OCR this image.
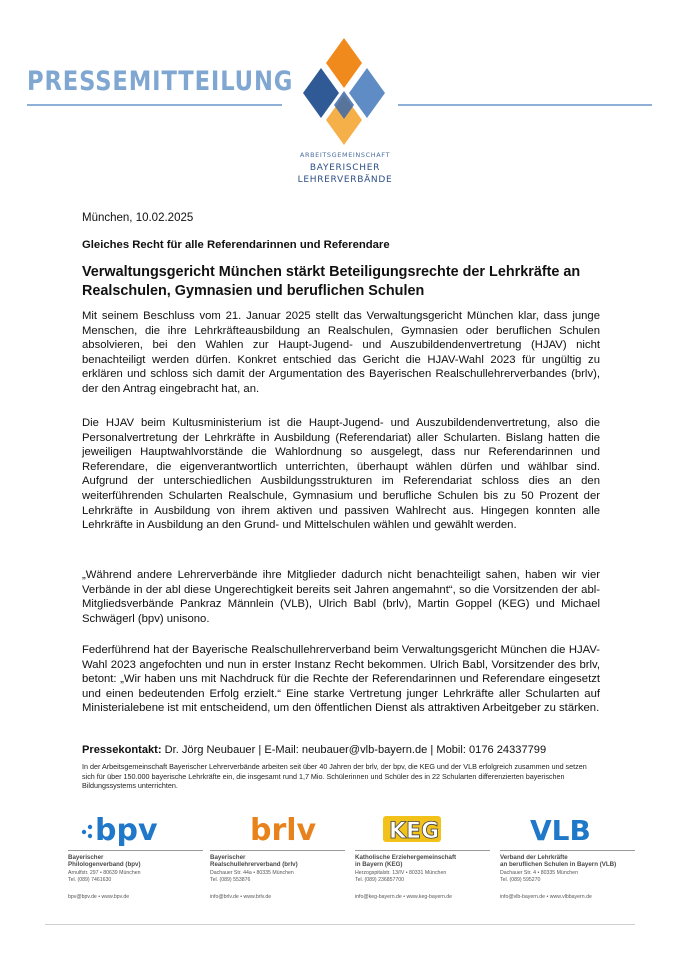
PRESSEMITTEILUNG
ARBEITSGEMEINSCHAFT
BAYERISCHER
LEHRERVERBÄNDE
München, 10.02.2025
Gleiches Recht für alle Referendarinnen und Referendare
Verwaltungsgericht München stärkt Beteiligungsrechte der Lehrkräfte an Realschulen, Gymnasien und beruflichen Schulen
Mit seinem Beschluss vom 21. Januar 2025 stellt das Verwaltungsgericht München klar, dass junge Menschen, die ihre Lehrkräfteausbildung an Realschulen, Gymnasien oder beruflichen Schulen absolvieren, bei den Wahlen zur Haupt-Jugend- und Auszubildendenvertretung (HJAV) nicht benachteiligt werden dürfen. Konkret entschied das Gericht die HJAV-Wahl 2023 für ungültig zu erklären und schloss sich damit der Argumentation des Bayerischen Realschullehrerverbandes (brlv), der den Antrag eingebracht hat, an.
Die HJAV beim Kultusministerium ist die Haupt-Jugend- und Auszubildendenvertretung, also die Personalvertretung der Lehrkräfte in Ausbildung (Referendariat) aller Schularten. Bislang hatten die jeweiligen Hauptwahlvorstände die Wahlordnung so ausgelegt, dass nur Referendarinnen und Referendare, die eigenverantwortlich unterrichten, überhaupt wählen dürfen und wählbar sind. Aufgrund der unterschiedlichen Ausbildungsstrukturen im Referendariat schloss dies an den weiterführenden Schularten Realschule, Gymnasium und berufliche Schulen bis zu 50 Prozent der Lehrkräfte in Ausbildung von ihrem aktiven und passiven Wahlrecht aus. Hingegen konnten alle Lehrkräfte in Ausbildung an den Grund- und Mittelschulen wählen und gewählt werden.
„Während andere Lehrerverbände ihre Mitglieder dadurch nicht benachteiligt sahen, haben wir vier Verbände in der abl diese Ungerechtigkeit bereits seit Jahren angemahnt“, so die Vorsitzenden der abl-Mitgliedsverbände Pankraz Männlein (VLB), Ulrich Babl (brlv), Martin Goppel (KEG) und Michael Schwägerl (bpv) unisono.
Federführend hat der Bayerische Realschullehrerverband beim Verwaltungsgericht München die HJAV-Wahl 2023 angefochten und nun in erster Instanz Recht bekommen. Ulrich Babl, Vorsitzender des brlv, betont: „Wir haben uns mit Nachdruck für die Rechte der Referendarinnen und Referendare eingesetzt und einen bedeutenden Erfolg erzielt.“ Eine starke Vertretung junger Lehrkräfte aller Schularten auf Ministerialebene ist mit entscheidend, um den öffentlichen Dienst als attraktiven Arbeitgeber zu stärken.
Pressekontakt: Dr. Jörg Neubauer | E-Mail: neubauer@vlb-bayern.de | Mobil: 0176 24337799
In der Arbeitsgemeinschaft Bayerischer Lehrerverbände arbeiten seit über 40 Jahren der brlv, der bpv, die KEG und der VLB erfolgreich zusammen und setzen sich für über 150.000 bayerische Lehrkräfte ein, die insgesamt rund 1,7 Mio. Schülerinnen und Schüler des in 22 Schularten differenzierten bayerischen Bildungssystems unterrichten.
bpv
Bayerischer
Philologenverband (bpv)
Arnulfstr. 297 • 80639 München
Tel. (089) 7461630
bpv@bpv.de • www.bpv.de
brlv
Bayerischer
Realschullehrerverband (brlv)
Dachauer Str. 44a • 80335 München
Tel. (089) 553876
info@brlv.de • www.brlv.de
KEG
Katholische Erziehergemeinschaft
in Bayern (KEG)
Herzogspitalstr. 13/IV • 80331 München
Tel. (089) 236857700
info@keg-bayern.de • www.keg-bayern.de
VLB
Verband der Lehrkräfte
an beruflichen Schulen in Bayern (VLB)
Dachauer Str. 4 • 80335 München
Tel. (089) 595270
info@vlb-bayern.de • www.vlbbayern.de
